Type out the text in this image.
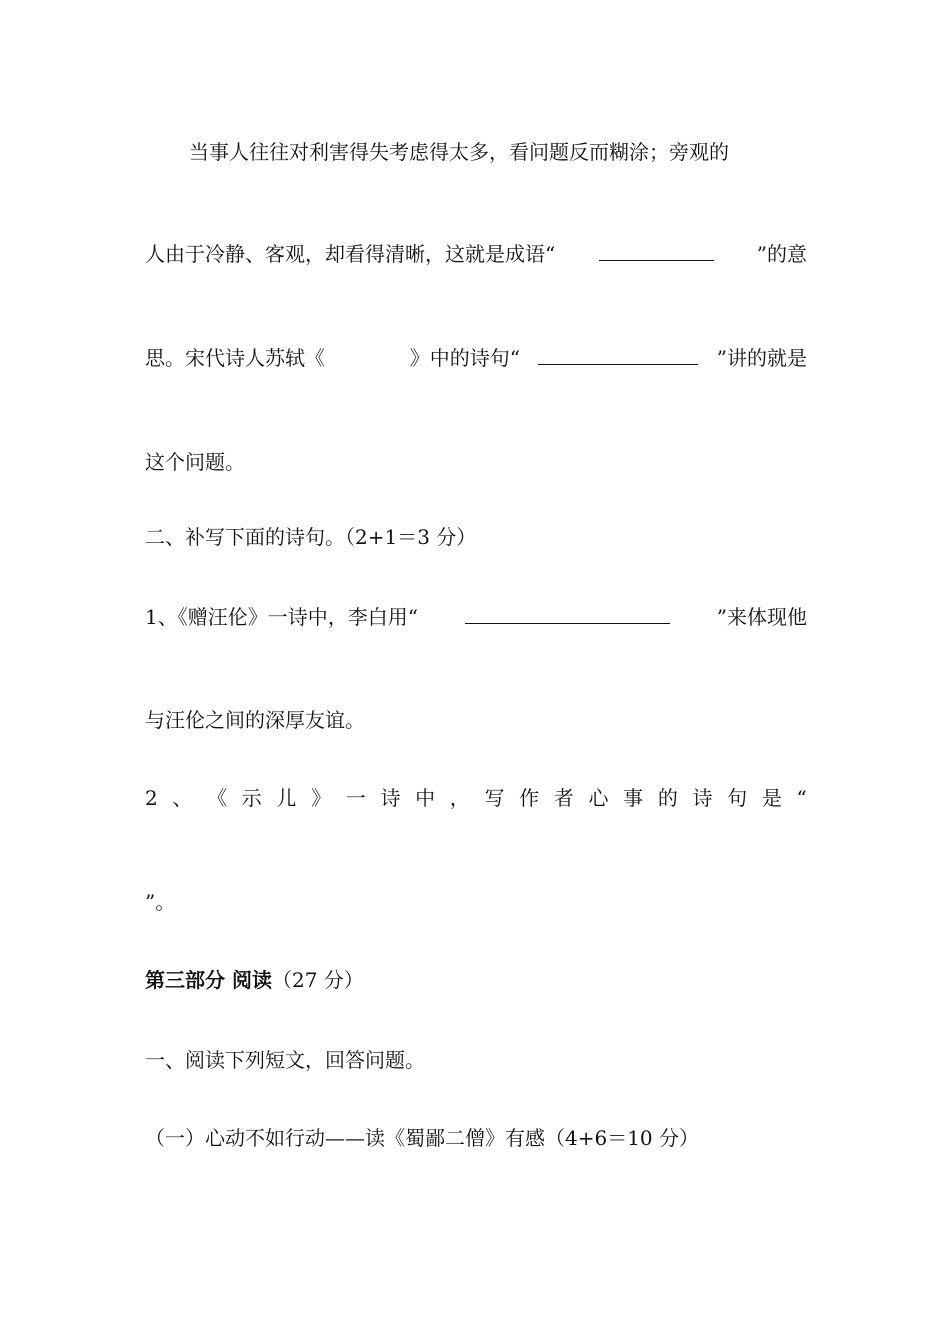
当事人往往对利害得失考虑得太多，看问题反而糊涂；旁观的
人由于冷静、客观，却看得清晰，这就是成语“	”的意
思。宋代诗人苏轼《	》中的诗句“	”讲的就是
这个问题。
二、补写下面的诗句。（2+1＝3 分）
1、《赠汪伦》一诗中，李白用“	”来体现他
与汪伦之间的深厚友谊。
2 、 《 示 儿 》 一 诗 中 ， 写 作 者 心 事 的 诗 句 是 “
”。
第三部分 阅读（27 分）
一、阅读下列短文，回答问题。
（一）心动不如行动——读《蜀鄙二僧》有感（4+6＝10 分）
